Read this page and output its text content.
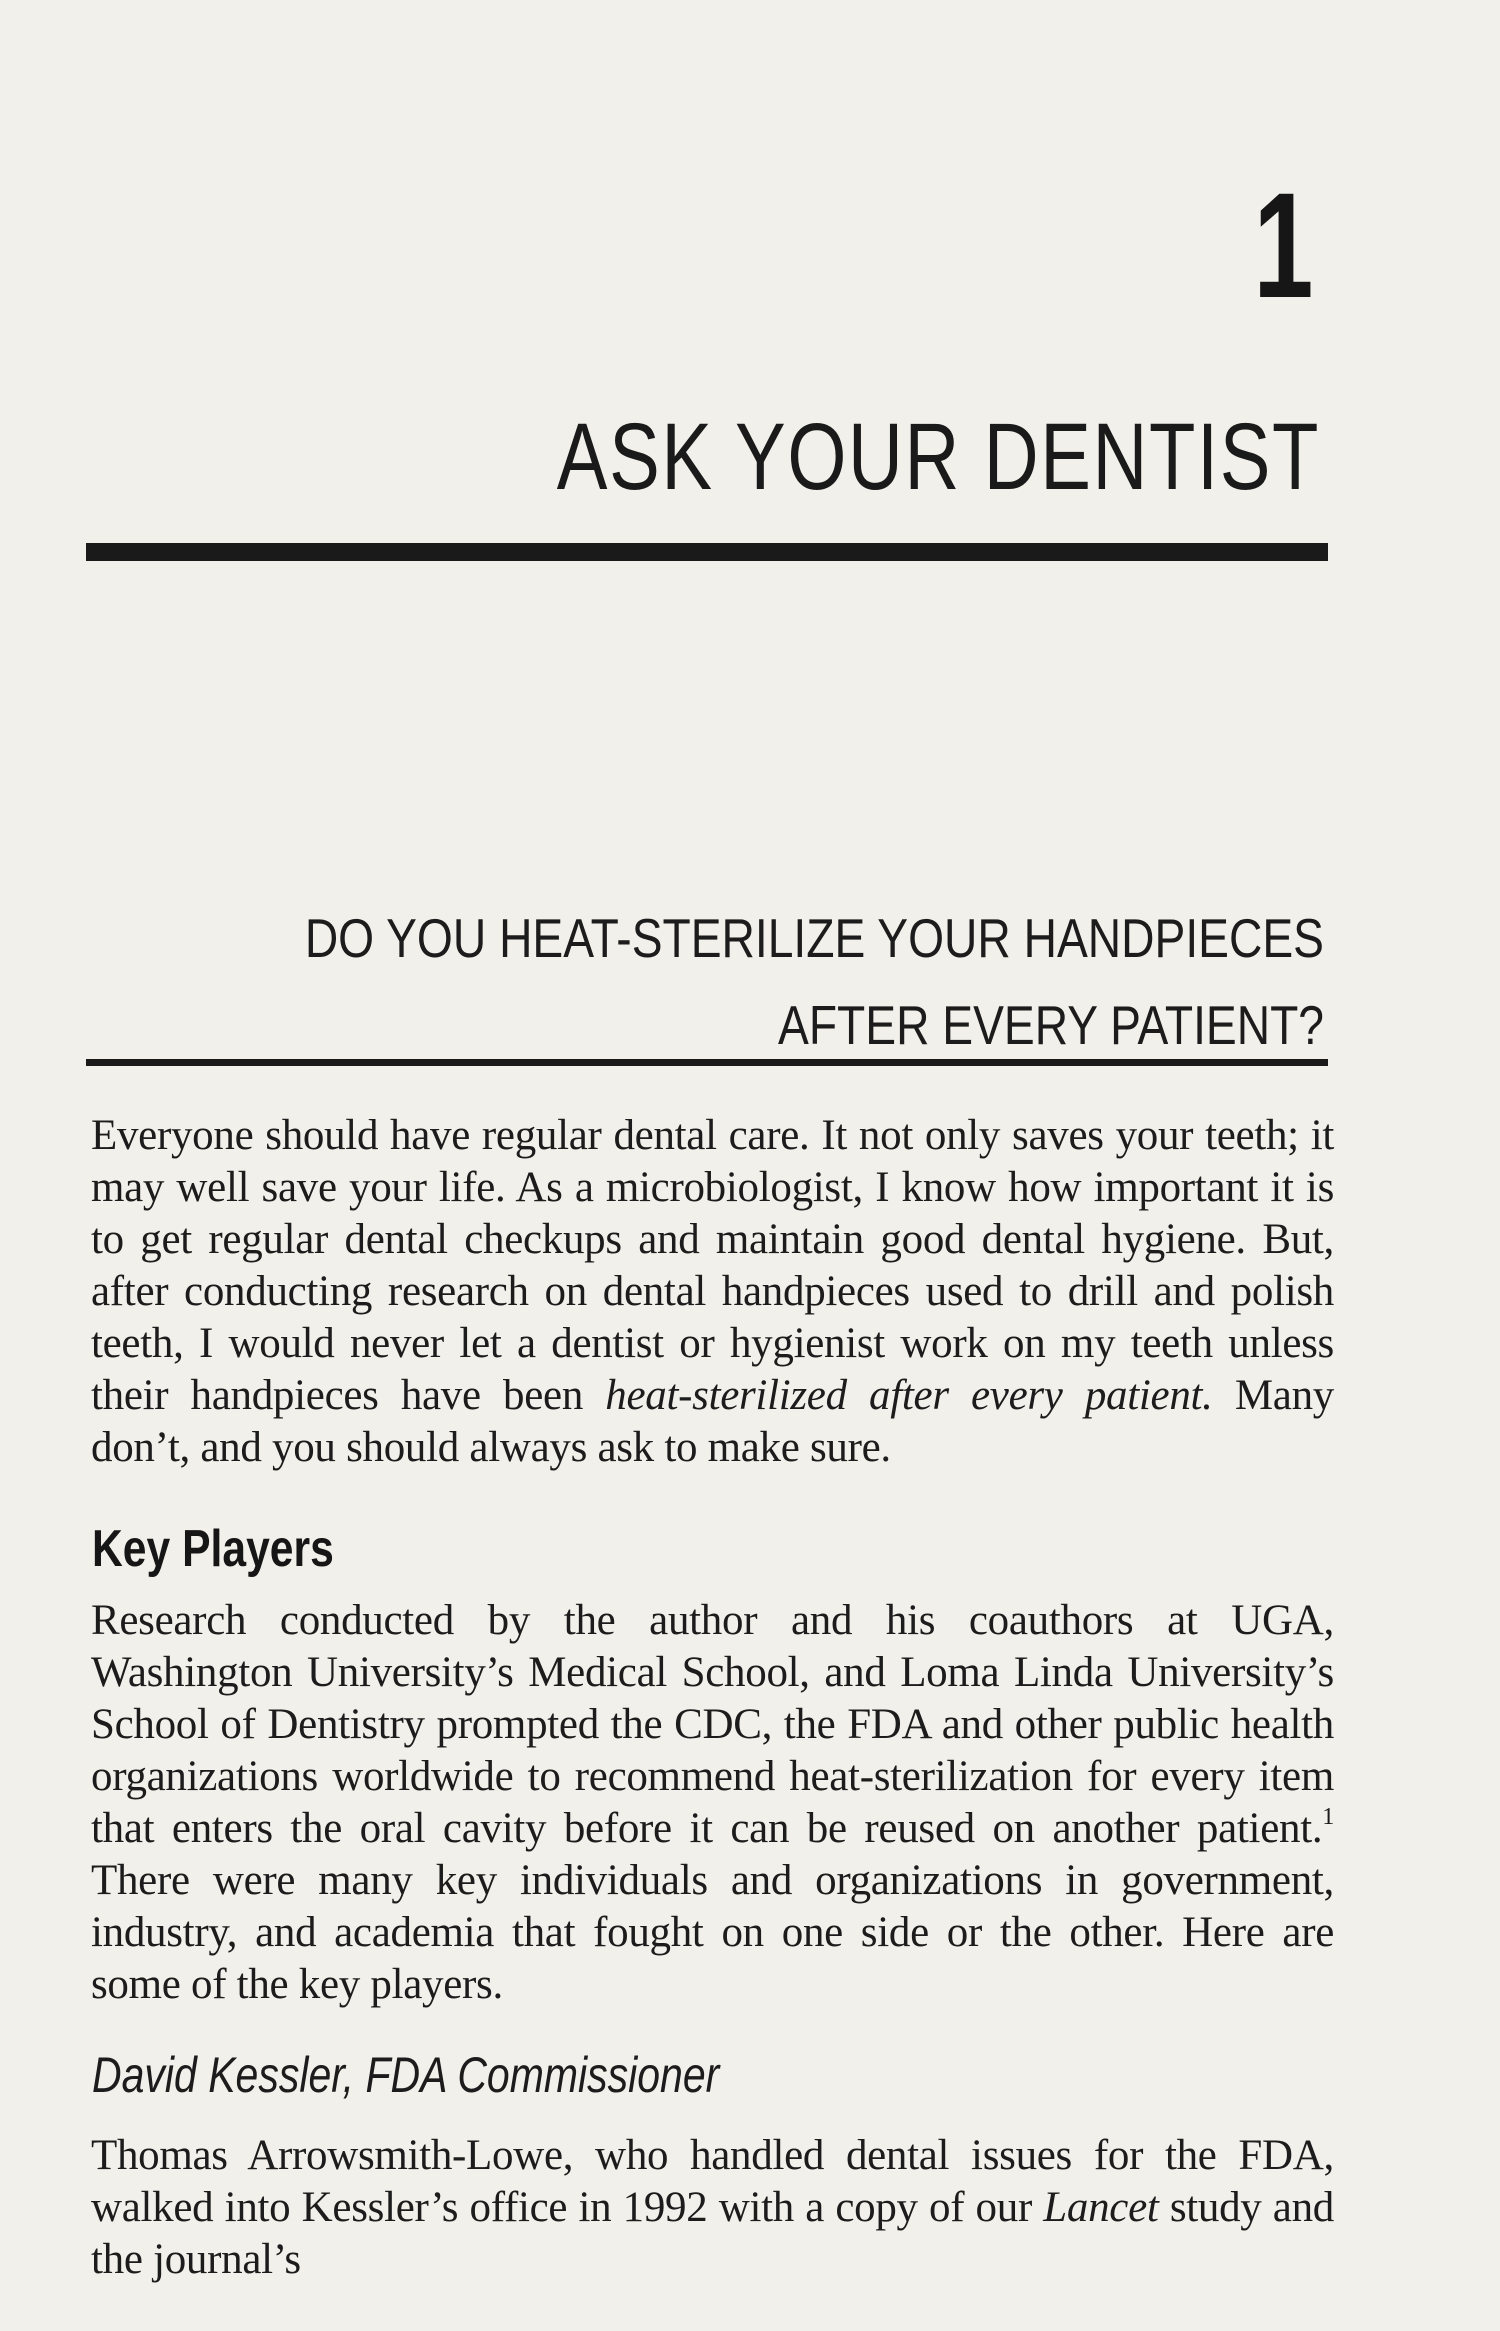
1
ASK YOUR DENTIST
DO YOU HEAT-STERILIZE YOUR HANDPIECES
AFTER EVERY PATIENT?

Everyone should have regular dental care. It not only saves your teeth; it may well save your life. As a microbiologist, I know how important it is to get regular dental checkups and maintain good dental hygiene. But, after conducting research on dental handpieces used to drill and polish teeth, I would never let a dentist or hygienist work on my teeth unless their handpieces have been heat-sterilized after every patient. Many don’t, and you should always ask to make sure.

Key Players

Research conducted by the author and his coauthors at UGA, Washington University’s Medical School, and Loma Linda University’s School of Dentistry prompted the CDC, the FDA and other public health organizations worldwide to recommend heat-sterilization for every item that enters the oral cavity before it can be reused on another patient.$^1$ There were many key individuals and organizations in government, industry, and academia that fought on one side or the other. Here are some of the key players.

David Kessler, FDA Commissioner

Thomas Arrowsmith-Lowe, who handled dental issues for the FDA, walked into Kessler’s office in 1992 with a copy of our Lancet study and the journal’s
